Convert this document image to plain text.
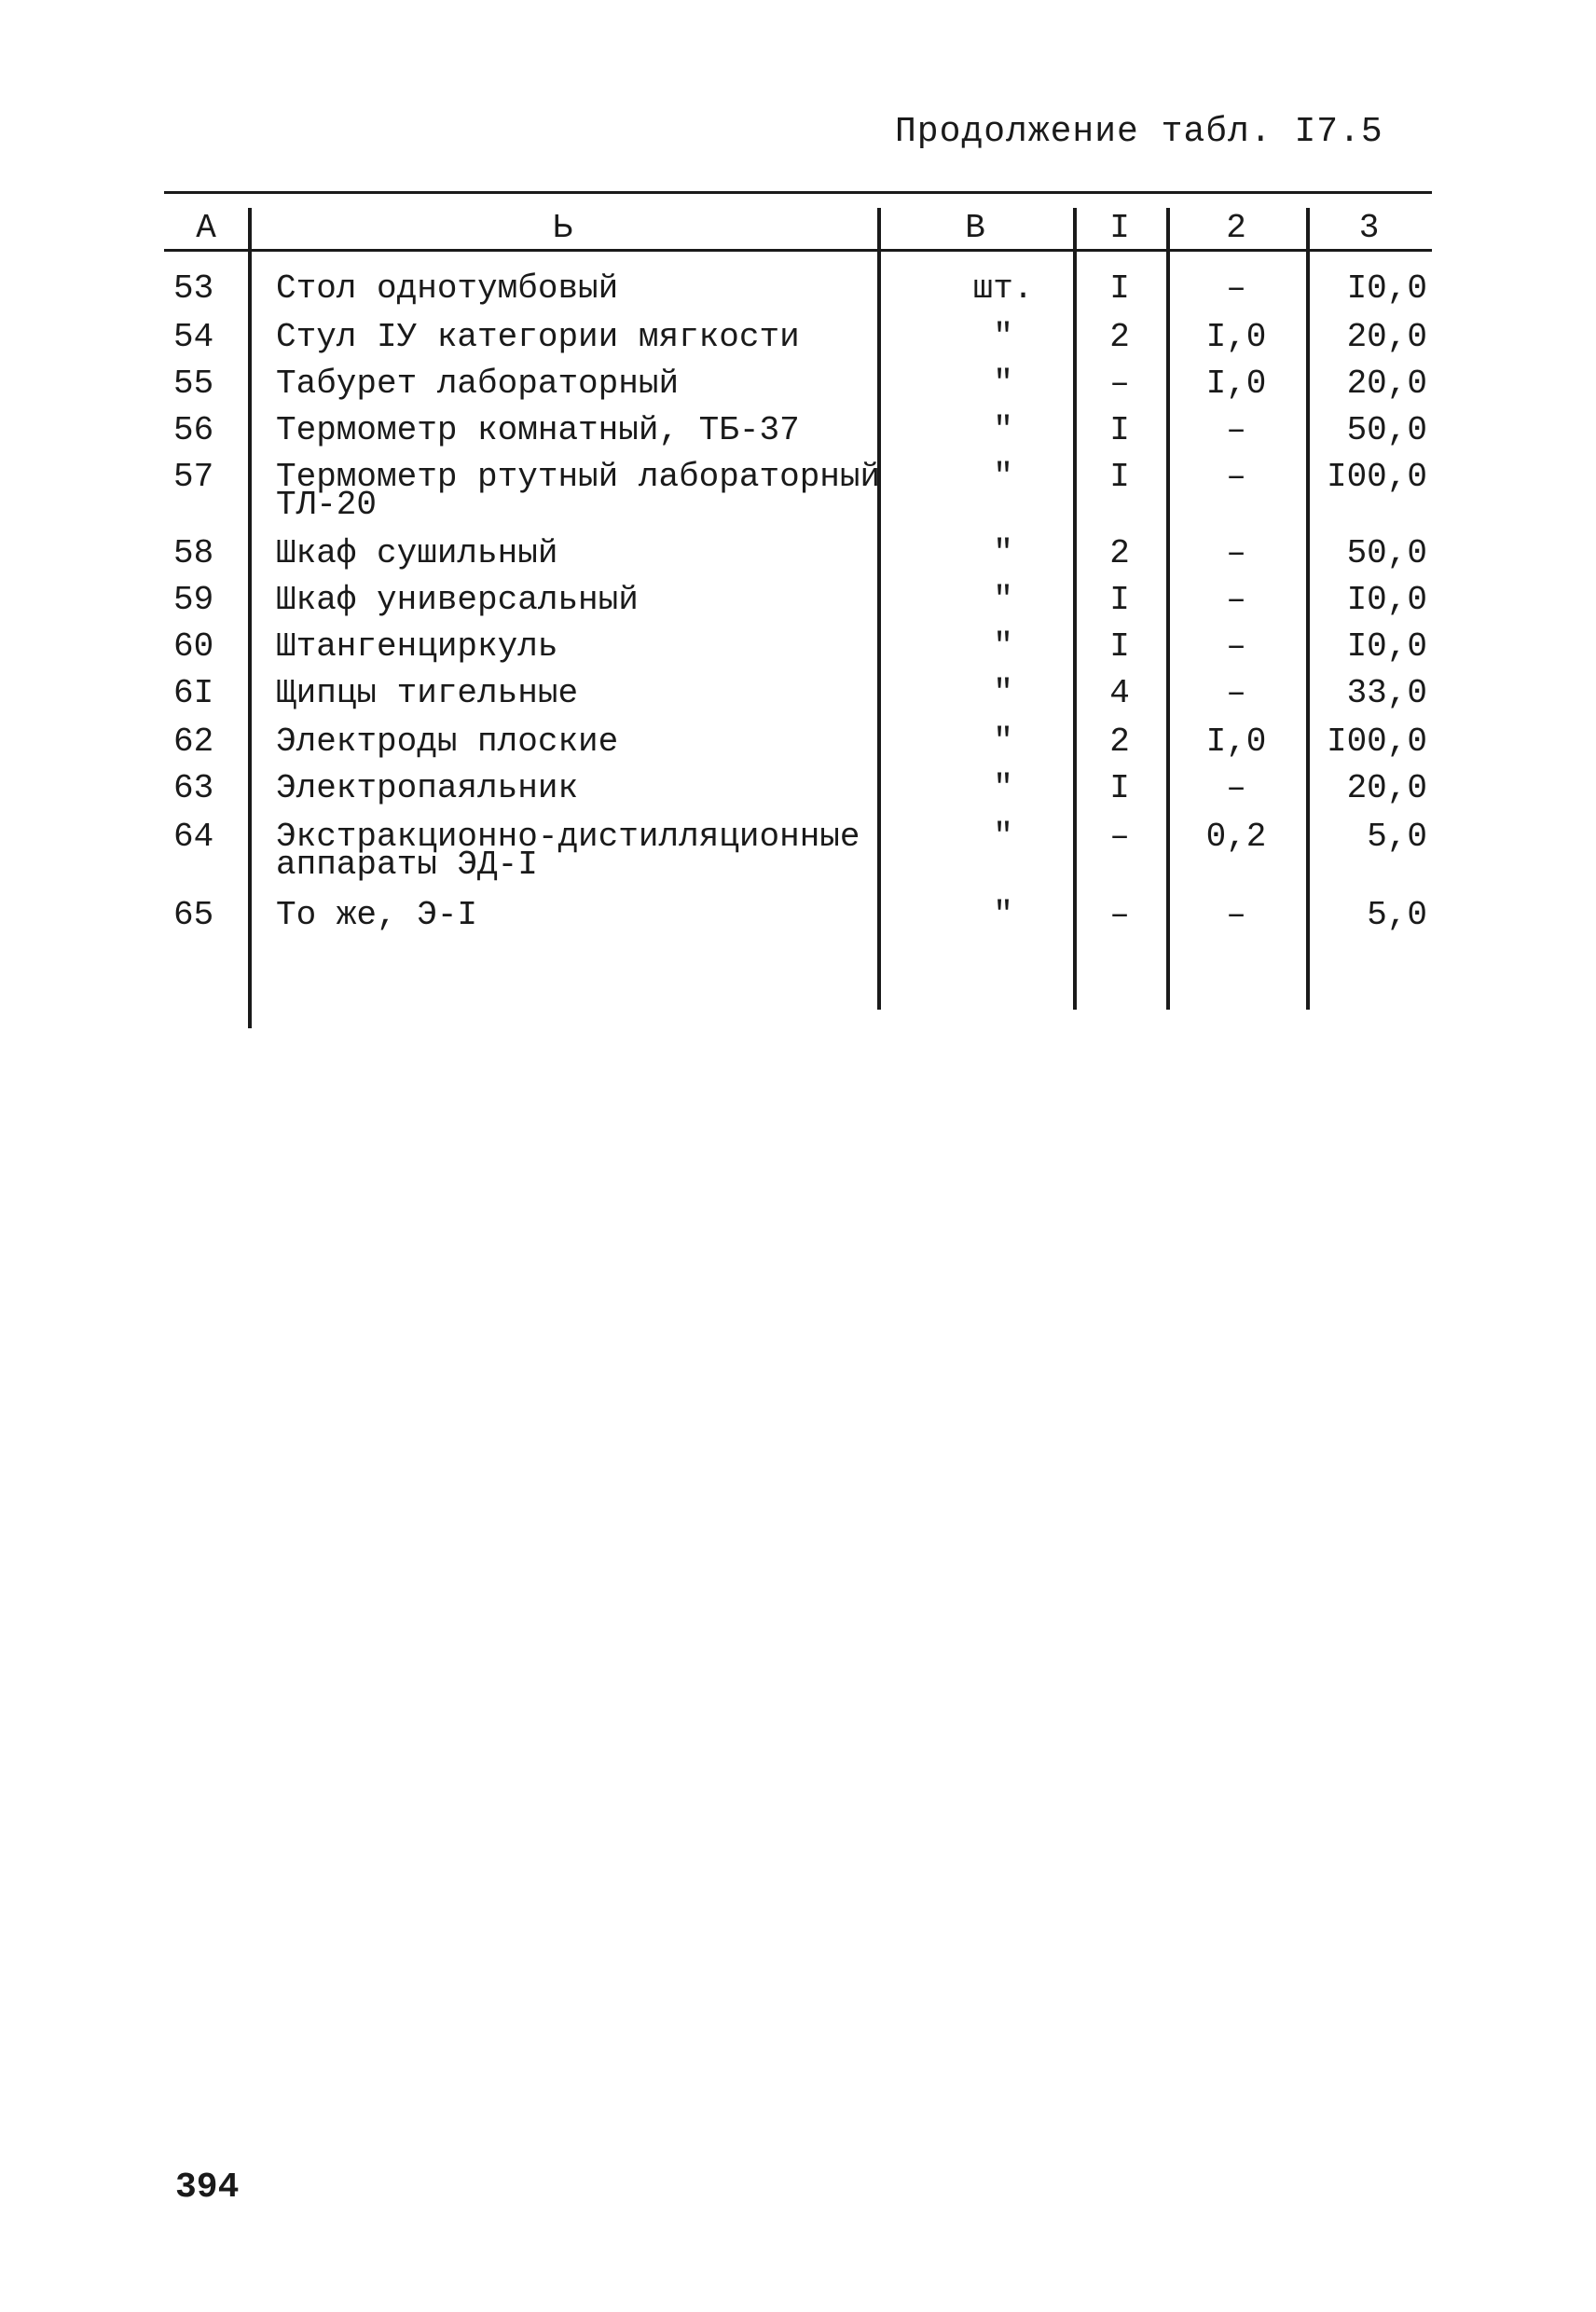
Продолжение табл. I7.5
А	Ь	В	I	2	3
53	Стол однотумбовый	шт.	I	–	I0,0
54	Стул IУ категории мягкости	"	2	I,0	20,0
55	Табурет лабораторный	"	–	I,0	20,0
56	Термометр комнатный, ТБ-37	"	I	–	50,0
57	Термометр ртутный лабораторный	"	I	–	I00,0
ТЛ-20
58	Шкаф сушильный	"	2	–	50,0
59	Шкаф универсальный	"	I	–	I0,0
60	Штангенциркуль	"	I	–	I0,0
6I	Щипцы тигельные	"	4	–	33,0
62	Электроды плоские	"	2	I,0	I00,0
63	Электропаяльник	"	I	–	20,0
64	Экстракционно-дистилляционные	"	–	0,2	5,0
аппараты ЭД-I
65	То же, Э-I	"	–	–	5,0
394
